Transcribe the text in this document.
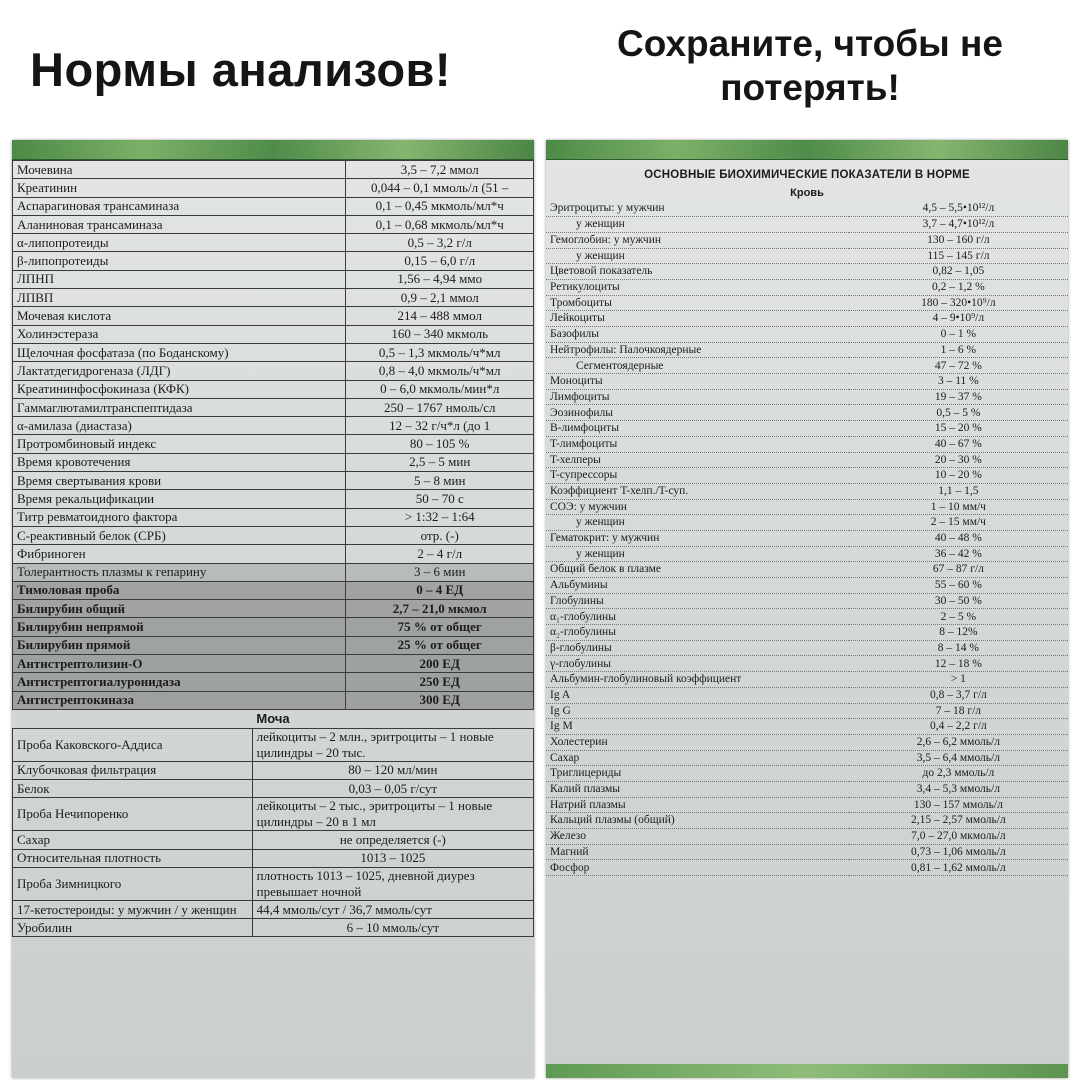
Нормы анализов!	Сохраните, чтобы не потерять!
Мочевина	3,5 – 7,2 ммол
Креатинин	0,044 – 0,1 ммоль/л (51 –
Аспарагиновая трансаминаза	0,1 – 0,45 мкмоль/мл*ч
Аланиновая трансаминаза	0,1 – 0,68 мкмоль/мл*ч
α-липопротеиды	0,5 – 3,2 г/л
β-липопротеиды	0,15 – 6,0 г/л
ЛПНП	1,56 – 4,94 ммо
ЛПВП	0,9 – 2,1 ммол
Мочевая кислота	214 – 488 ммол
Холинэстераза	160 – 340 мкмоль
Щелочная фосфатаза (по Боданскому)	0,5 – 1,3 мкмоль/ч*мл
Лактатдегидрогеназа (ЛДГ)	0,8 – 4,0 мкмоль/ч*мл
Креатининфосфокиназа (КФК)	0 – 6,0 мкмоль/мин*л
Гаммаглютамилтранспептидаза	250 – 1767 нмоль/сл
α-амилаза (диастаза)	12 – 32 г/ч*л (до 1
Протромбиновый индекс	80 – 105 %
Время кровотечения	2,5 – 5 мин
Время свертывания крови	5 – 8 мин
Время рекальцификации	50 – 70 с
Титр ревматоидного фактора	> 1:32 – 1:64
С-реактивный белок (СРБ)	отр. (-)
Фибриноген	2 – 4 г/л
Толерантность плазмы к гепарину	3 – 6 мин
Тимоловая проба	0 – 4 ЕД
Билирубин общий	2,7 – 21,0 мкмол
Билирубин непрямой	75 % от общег
Билирубин прямой	25 % от общег
Антистрептолизин-О	200 ЕД
Антистрептогиалуронидаза	250 ЕД
Антистрептокиназа	300 ЕД
Моча	
Проба Каковского-Аддиса	лейкоциты – 2 млн., эритроциты – 1 новые цилиндры – 20 тыс.
Клубочковая фильтрация	80 – 120 мл/мин
Белок	0,03 – 0,05 г/сут
Проба Нечипоренко	лейкоциты – 2 тыс., эритроциты – 1 новые цилиндры – 20 в 1 мл
Сахар	не определяется (-)
Относительная плотность	1013 – 1025
Проба Зимницкого	плотность 1013 – 1025, дневной диурез превышает ночной
17-кетостероиды: у мужчин / у женщин	44,4 ммоль/сут / 36,7 ммоль/сут
Уробилин	6 – 10 ммоль/сут
ОСНОВНЫЕ БИОХИМИЧЕСКИЕ ПОКАЗАТЕЛИ В НОРМЕ
Кровь
Эритроциты: у мужчин	4,5 – 5,5•10¹²/л
у женщин	3,7 – 4,7•10¹²/л
Гемоглобин: у мужчин	130 – 160 г/л
у женщин	115 – 145 г/л
Цветовой показатель	0,82 – 1,05
Ретикулоциты	0,2 – 1,2 %
Тромбоциты	180 – 320•10⁹/л
Лейкоциты	4 – 9•10⁹/л
Базофилы	0 – 1 %
Нейтрофилы: Палочкоядерные	1 – 6 %
Сегментоядерные	47 – 72 %
Моноциты	3 – 11 %
Лимфоциты	19 – 37 %
Эозинофилы	0,5 – 5 %
B-лимфоциты	15 – 20 %
T-лимфоциты	40 – 67 %
T-хелперы	20 – 30 %
T-супрессоры	10 – 20 %
Коэффициент T-хелп./T-суп.	1,1 – 1,5
СОЭ: у мужчин	1 – 10 мм/ч
у женщин	2 – 15 мм/ч
Гематокрит: у мужчин	40 – 48 %
у женщин	36 – 42 %
Общий белок в плазме	67 – 87 г/л
Альбумины	55 – 60 %
Глобулины	30 – 50 %
α₁-глобулины	2 – 5 %
α₂-глобулины	8 – 12%
β-глобулины	8 – 14 %
γ-глобулины	12 – 18 %
Альбумин-глобулиновый коэффициент	> 1
Ig A	0,8 – 3,7 г/л
Ig G	7 – 18 г/л
Ig M	0,4 – 2,2 г/л
Холестерин	2,6 – 6,2 ммоль/л
Сахар	3,5 – 6,4 ммоль/л
Триглицериды	до 2,3 ммоль/л
Калий плазмы	3,4 – 5,3 ммоль/л
Натрий плазмы	130 – 157 ммоль/л
Кальций плазмы (общий)	2,15 – 2,57 ммоль/л
Железо	7,0 – 27,0 мкмоль/л
Магний	0,73 – 1,06 ммоль/л
Фосфор	0,81 – 1,62 ммоль/л
